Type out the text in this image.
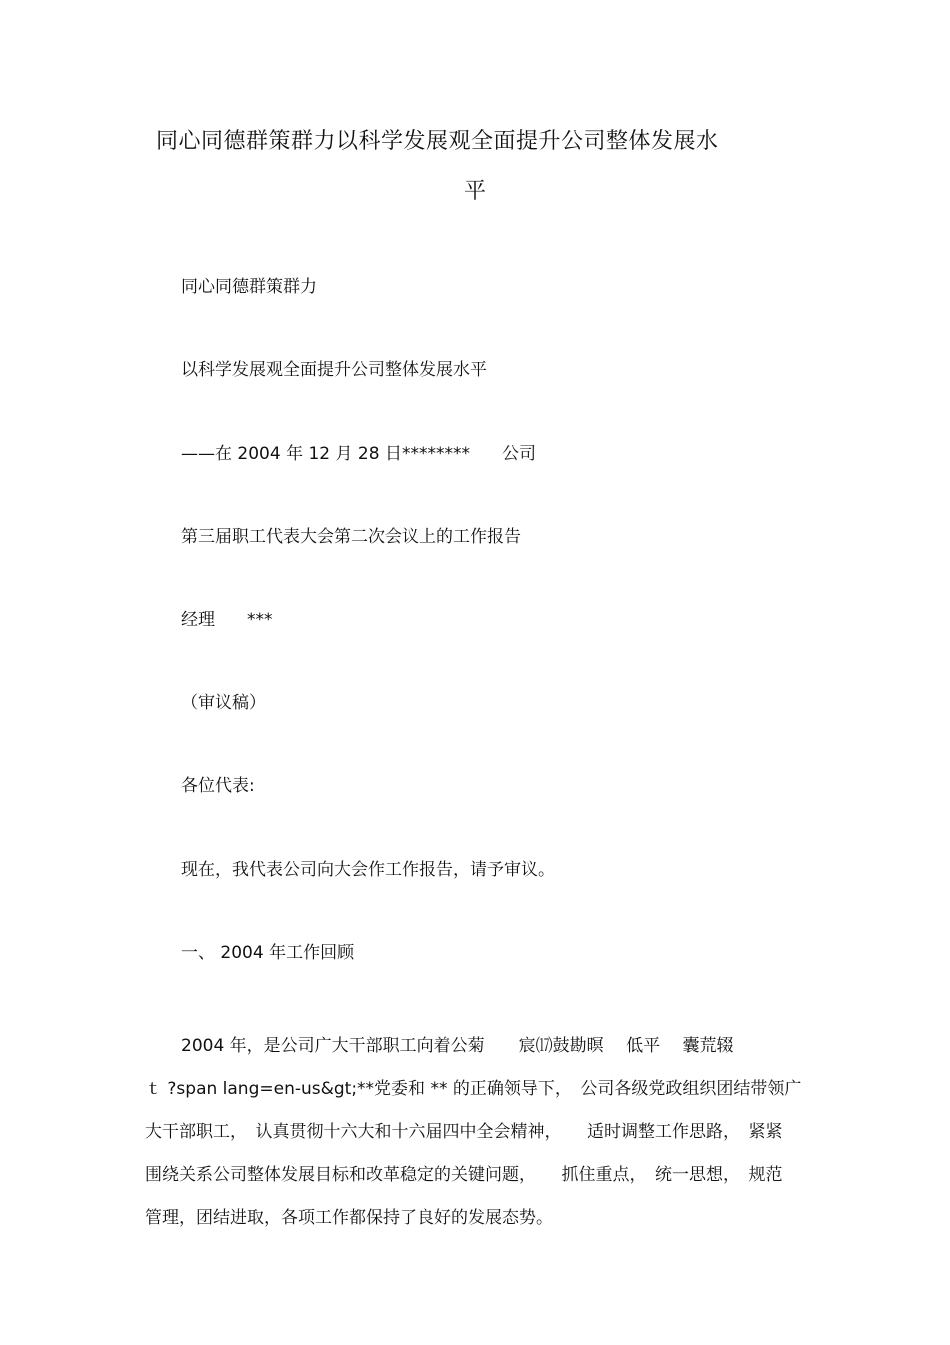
同心同德群策群力以科学发展观全面提升公司整体发展水
平
同心同德群策群力
以科学发展观全面提升公司整体发展水平
——在 2004 年 12 月 28 日******** 公司
第三届职工代表大会第二次会议上的工作报告
经理 ***
（审议稿）
各位代表:
现在，我代表公司向大会作工作报告，请予审议。
一、 2004 年工作回顾
2004 年，是公司广大干部职工向着公菊　　宸⒄鼓勘暝　 低平　 囊荒辍
ｔ ?span lang=en-us&gt;**党委和 ** 的正确领导下，　公司各级党政组织团结带领广
大干部职工，　认真贯彻十六大和十六届四中全会精神，　　适时调整工作思路，　紧紧
围绕关系公司整体发展目标和改革稳定的关键问题，　　抓住重点，　统一思想，　规范
管理，团结进取，各项工作都保持了良好的发展态势。
